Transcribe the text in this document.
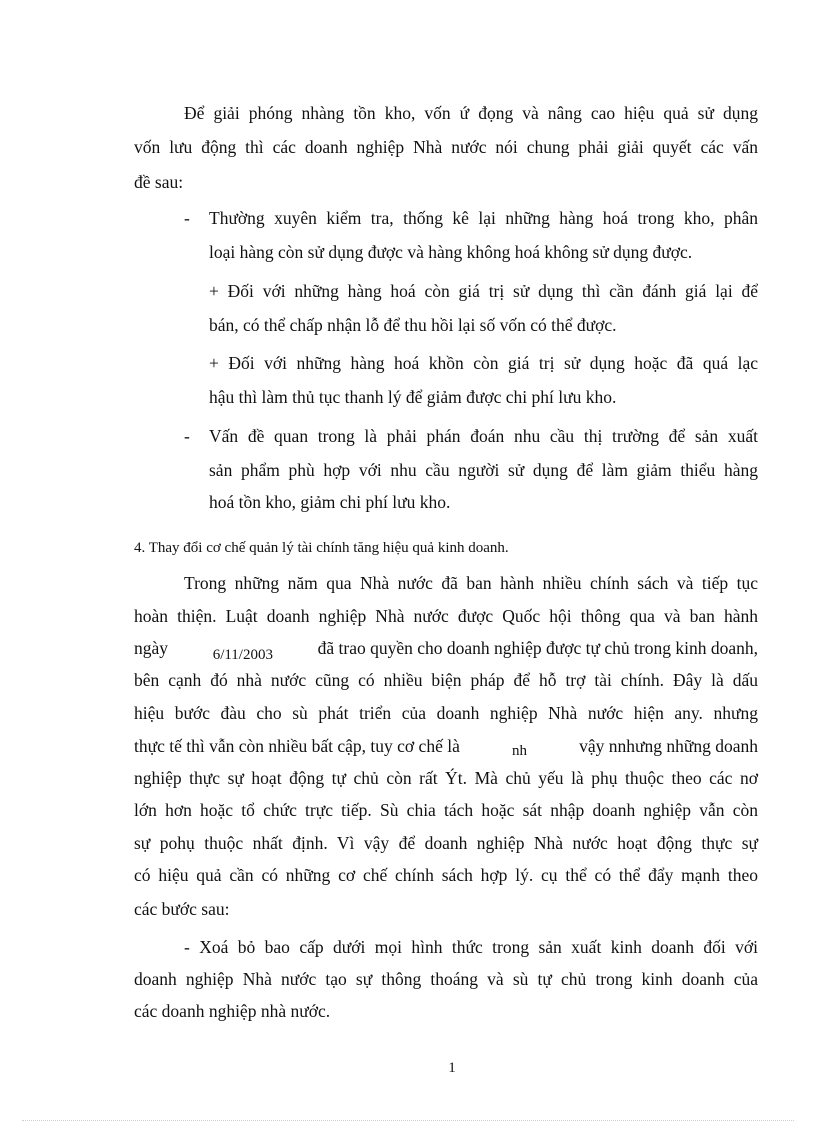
Để giải phóng nhàng tồn kho, vốn ứ đọng và nâng cao hiệu quả sử dụng
vốn lưu động thì các doanh nghiệp Nhà nước nói chung phải giải quyết các vấn
đề sau:
- Thường xuyên kiểm tra, thống kê lại những hàng hoá trong kho, phân
loại hàng còn sử dụng được và hàng không hoá không sử dụng được.
+ Đối với những hàng hoá còn giá trị sử dụng thì cần đánh giá lại để
bán, có thể chấp nhận lỗ để thu hồi lại số vốn có thể được.
+ Đối với những hàng hoá khồn còn giá trị sử dụng hoặc đã quá lạc
hậu thì làm thủ tục thanh lý để giảm được chi phí lưu kho.
- Vấn đề quan trong là phải phán đoán nhu cầu thị trường để sản xuất
sản phẩm phù hợp với nhu cầu người sử dụng để làm giảm thiểu hàng
hoá tồn kho, giảm chi phí lưu kho.
4. Thay đổi cơ chế quản lý tài chính tăng hiệu quả kinh doanh.
Trong những năm qua Nhà nước đã ban hành nhiều chính sách và tiếp tục
hoàn thiện. Luật doanh nghiệp Nhà nước được Quốc hội thông qua và ban hành
ngày	6/11/2003	đã trao quyền cho doanh nghiệp được tự chủ trong kinh doanh,
bên cạnh đó nhà nước cũng có nhiều biện pháp để hỗ trợ tài chính. Đây là dấu
hiệu bước đàu cho sù phát triển của doanh nghiệp Nhà nước hiện any. nhưng
thực tế thì vẫn còn nhiều bất cập, tuy cơ chế là	nh	vậy nnhưng những doanh
nghiệp thực sự hoạt động tự chủ còn rất Ýt. Mà chủ yếu là phụ thuộc theo các nơ
lớn hơn hoặc tổ chức trực tiếp. Sù chia tách hoặc sát nhập doanh nghiệp vẫn còn
sự pohụ thuộc nhất định. Vì vậy để doanh nghiệp Nhà nước hoạt động thực sự
có hiệu quả cần có những cơ chế chính sách hợp lý. cụ thể có thể đẩy mạnh theo
các bước sau:
- Xoá bỏ bao cấp dưới mọi hình thức trong sản xuất kinh doanh đối với
doanh nghiệp Nhà nước tạo sự thông thoáng và sù tự chủ trong kinh doanh của
các doanh nghiệp nhà nước.
1
